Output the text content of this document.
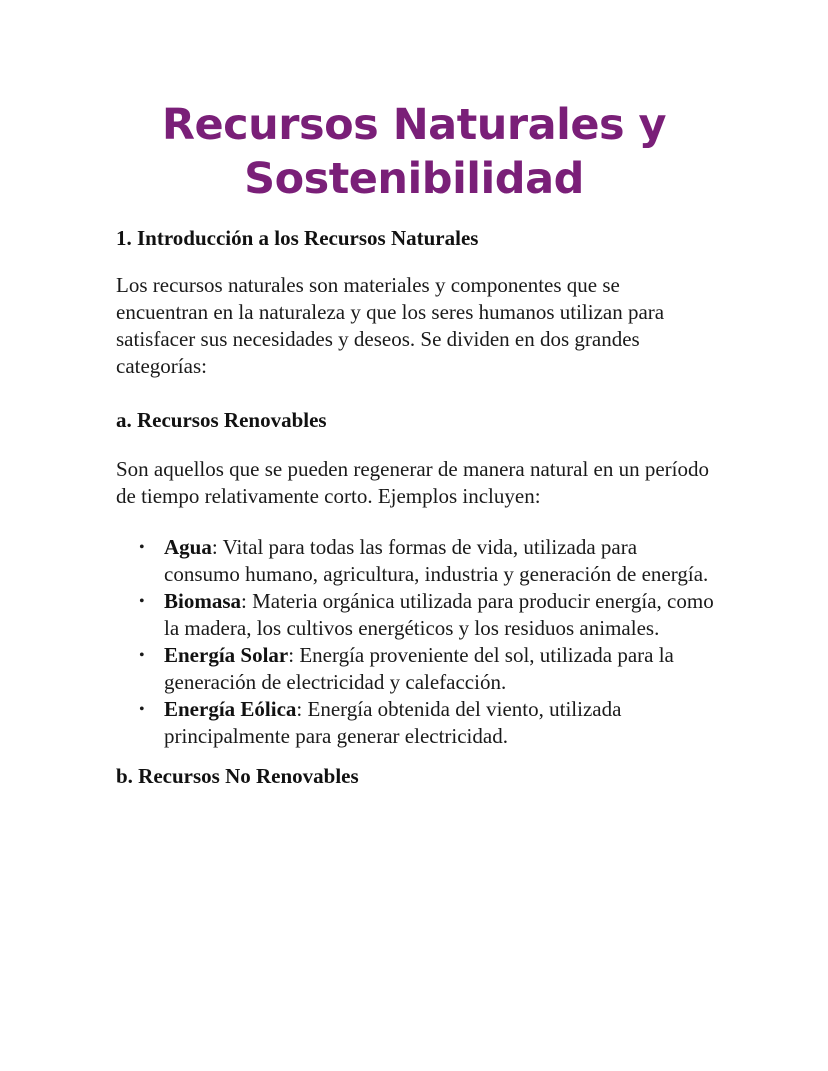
Recursos Naturales y Sostenibilidad
1. Introducción a los Recursos Naturales

Los recursos naturales son materiales y componentes que se encuentran en la naturaleza y que los seres humanos utilizan para satisfacer sus necesidades y deseos. Se dividen en dos grandes categorías:

a. Recursos Renovables

Son aquellos que se pueden regenerar de manera natural en un período de tiempo relativamente corto. Ejemplos incluyen:

• Agua: Vital para todas las formas de vida, utilizada para consumo humano, agricultura, industria y generación de energía.
• Biomasa: Materia orgánica utilizada para producir energía, como la madera, los cultivos energéticos y los residuos animales.
• Energía Solar: Energía proveniente del sol, utilizada para la generación de electricidad y calefacción.
• Energía Eólica: Energía obtenida del viento, utilizada principalmente para generar electricidad.
b. Recursos No Renovables
